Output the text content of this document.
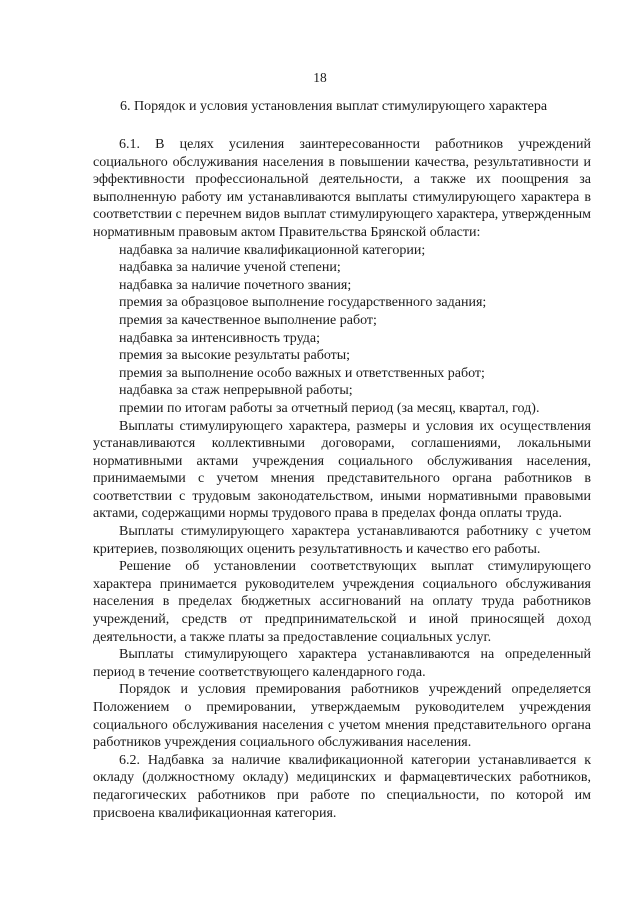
18
6. Порядок и условия установления выплат стимулирующего характера

6.1. В целях усиления заинтересованности работников учреждений социального обслуживания населения в повышении качества, результативности и эффективности профессиональной деятельности, а также их поощрения за выполненную работу им устанавливаются выплаты стимулирующего характера в соответствии с перечнем видов выплат стимулирующего характера, утвержденным нормативным правовым актом Правительства Брянской области:

надбавка за наличие квалификационной категории;
надбавка за наличие ученой степени;
надбавка за наличие почетного звания;
премия за образцовое выполнение государственного задания;
премия за качественное выполнение работ;
надбавка за интенсивность труда;
премия за высокие результаты работы;
премия за выполнение особо важных и ответственных работ;
надбавка за стаж непрерывной работы;
премии по итогам работы за отчетный период (за месяц, квартал, год).

Выплаты стимулирующего характера, размеры и условия их осуществления устанавливаются коллективными договорами, соглашениями, локальными нормативными актами учреждения социального обслуживания населения, принимаемыми с учетом мнения представительного органа работников в соответствии с трудовым законодательством, иными нормативными правовыми актами, содержащими нормы трудового права в пределах фонда оплаты труда.

Выплаты стимулирующего характера устанавливаются работнику с учетом критериев, позволяющих оценить результативность и качество его работы.

Решение об установлении соответствующих выплат стимулирующего характера принимается руководителем учреждения социального обслуживания населения в пределах бюджетных ассигнований на оплату труда работников учреждений, средств от предпринимательской и иной приносящей доход деятельности, а также платы за предоставление социальных услуг.

Выплаты стимулирующего характера устанавливаются на определенный период в течение соответствующего календарного года.

Порядок и условия премирования работников учреждений определяется Положением о премировании, утверждаемым руководителем учреждения социального обслуживания населения с учетом мнения представительного органа работников учреждения социального обслуживания населения.

6.2. Надбавка за наличие квалификационной категории устанавливается к окладу (должностному окладу) медицинских и фармацевтических работников, педагогических работников при работе по специальности, по которой им присвоена квалификационная категория.
